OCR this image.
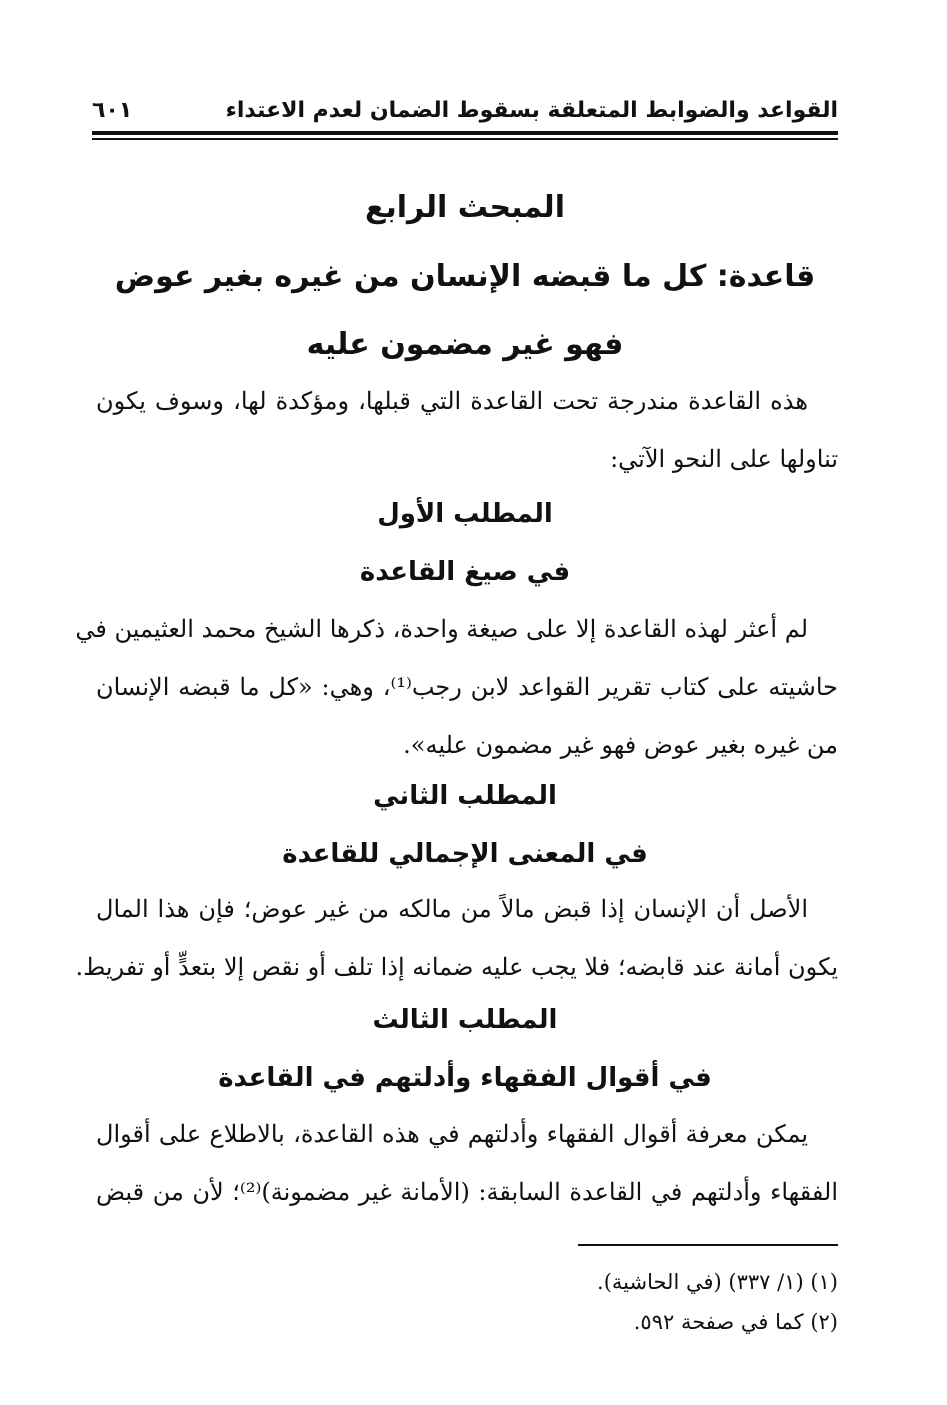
القواعد والضوابط المتعلقة بسقوط الضمان لعدم الاعتداء
٦٠١
المبحث الرابع
قاعدة: كل ما قبضه الإنسان من غيره بغير عوض
فهو غير مضمون عليه
هذه القاعدة مندرجة تحت القاعدة التي قبلها، ومؤكدة لها، وسوف يكون
تناولها على النحو الآتي:
المطلب الأول
في صيغ القاعدة
لم أعثر لهذه القاعدة إلا على صيغة واحدة، ذكرها الشيخ محمد العثيمين في
حاشيته على كتاب تقرير القواعد لابن رجب⁽¹⁾، وهي: «كل ما قبضه الإنسان
من غيره بغير عوض فهو غير مضمون عليه».
المطلب الثاني
في المعنى الإجمالي للقاعدة
الأصل أن الإنسان إذا قبض مالاً من مالكه من غير عوض؛ فإن هذا المال
يكون أمانة عند قابضه؛ فلا يجب عليه ضمانه إذا تلف أو نقص إلا بتعدٍّ أو تفريط.
المطلب الثالث
في أقوال الفقهاء وأدلتهم في القاعدة
يمكن معرفة أقوال الفقهاء وأدلتهم في هذه القاعدة، بالاطلاع على أقوال
الفقهاء وأدلتهم في القاعدة السابقة: (الأمانة غير مضمونة)⁽²⁾؛ لأن من قبض
(١) (١/ ٣٣٧) (في الحاشية).
(٢) كما في صفحة ٥٩٢.
